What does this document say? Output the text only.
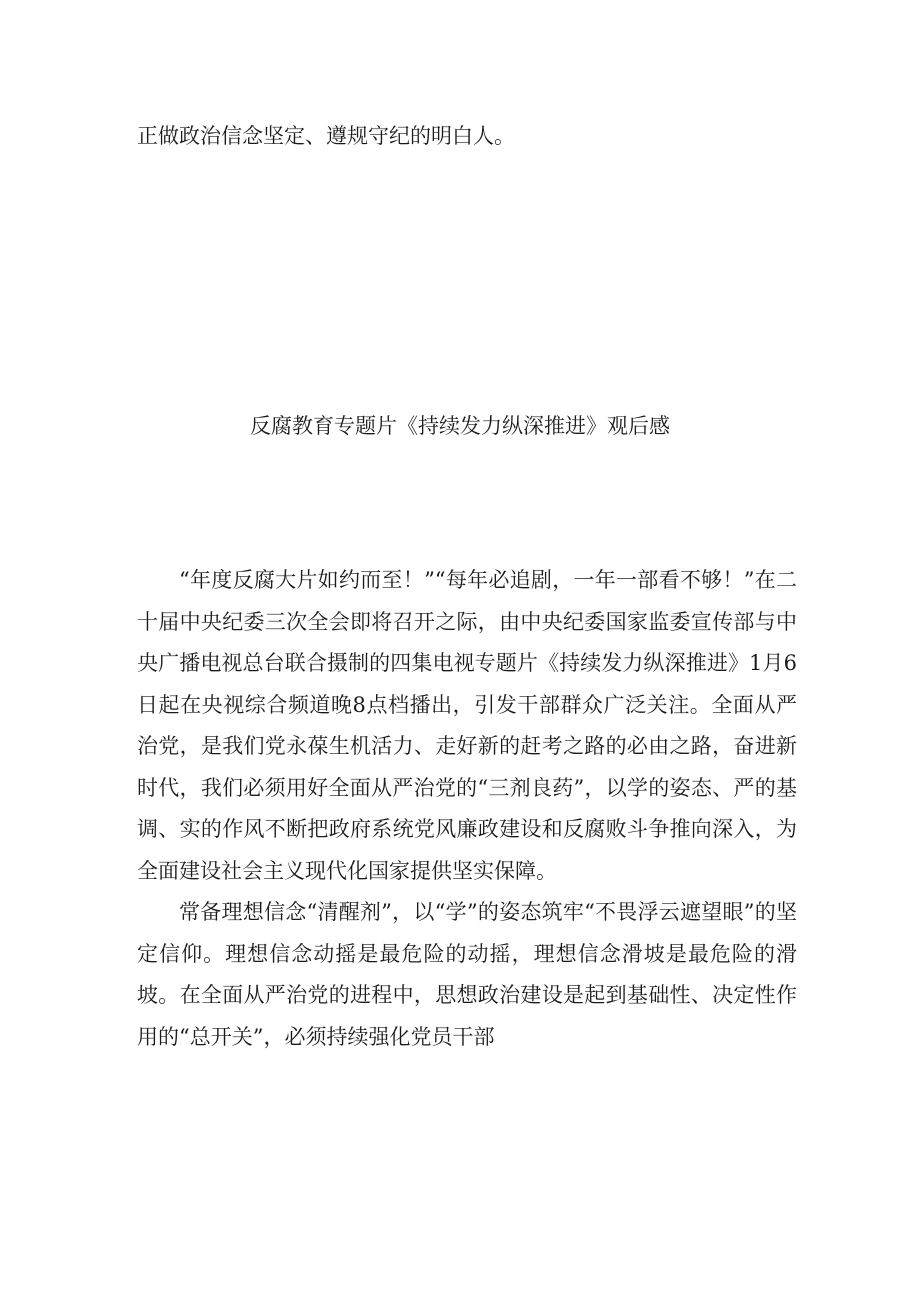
正做政治信念坚定、遵规守纪的明白人。

反腐教育专题片《持续发力纵深推进》观后感

“年度反腐大片如约而至！”“每年必追剧，一年一部看不够！”在二十届中央纪委三次全会即将召开之际，由中央纪委国家监委宣传部与中央广播电视总台联合摄制的四集电视专题片《持续发力纵深推进》1月6日起在央视综合频道晚8点档播出，引发干部群众广泛关注。全面从严治党，是我们党永葆生机活力、走好新的赶考之路的必由之路，奋进新时代，我们必须用好全面从严治党的“三剂良药”，以学的姿态、严的基调、实的作风不断把政府系统党风廉政建设和反腐败斗争推向深入，为全面建设社会主义现代化国家提供坚实保障。

常备理想信念“清醒剂”，以“学”的姿态筑牢“不畏浮云遮望眼”的坚定信仰。理想信念动摇是最危险的动摇，理想信念滑坡是最危险的滑坡。在全面从严治党的进程中，思想政治建设是起到基础性、决定性作用的“总开关”，必须持续强化党员干部
